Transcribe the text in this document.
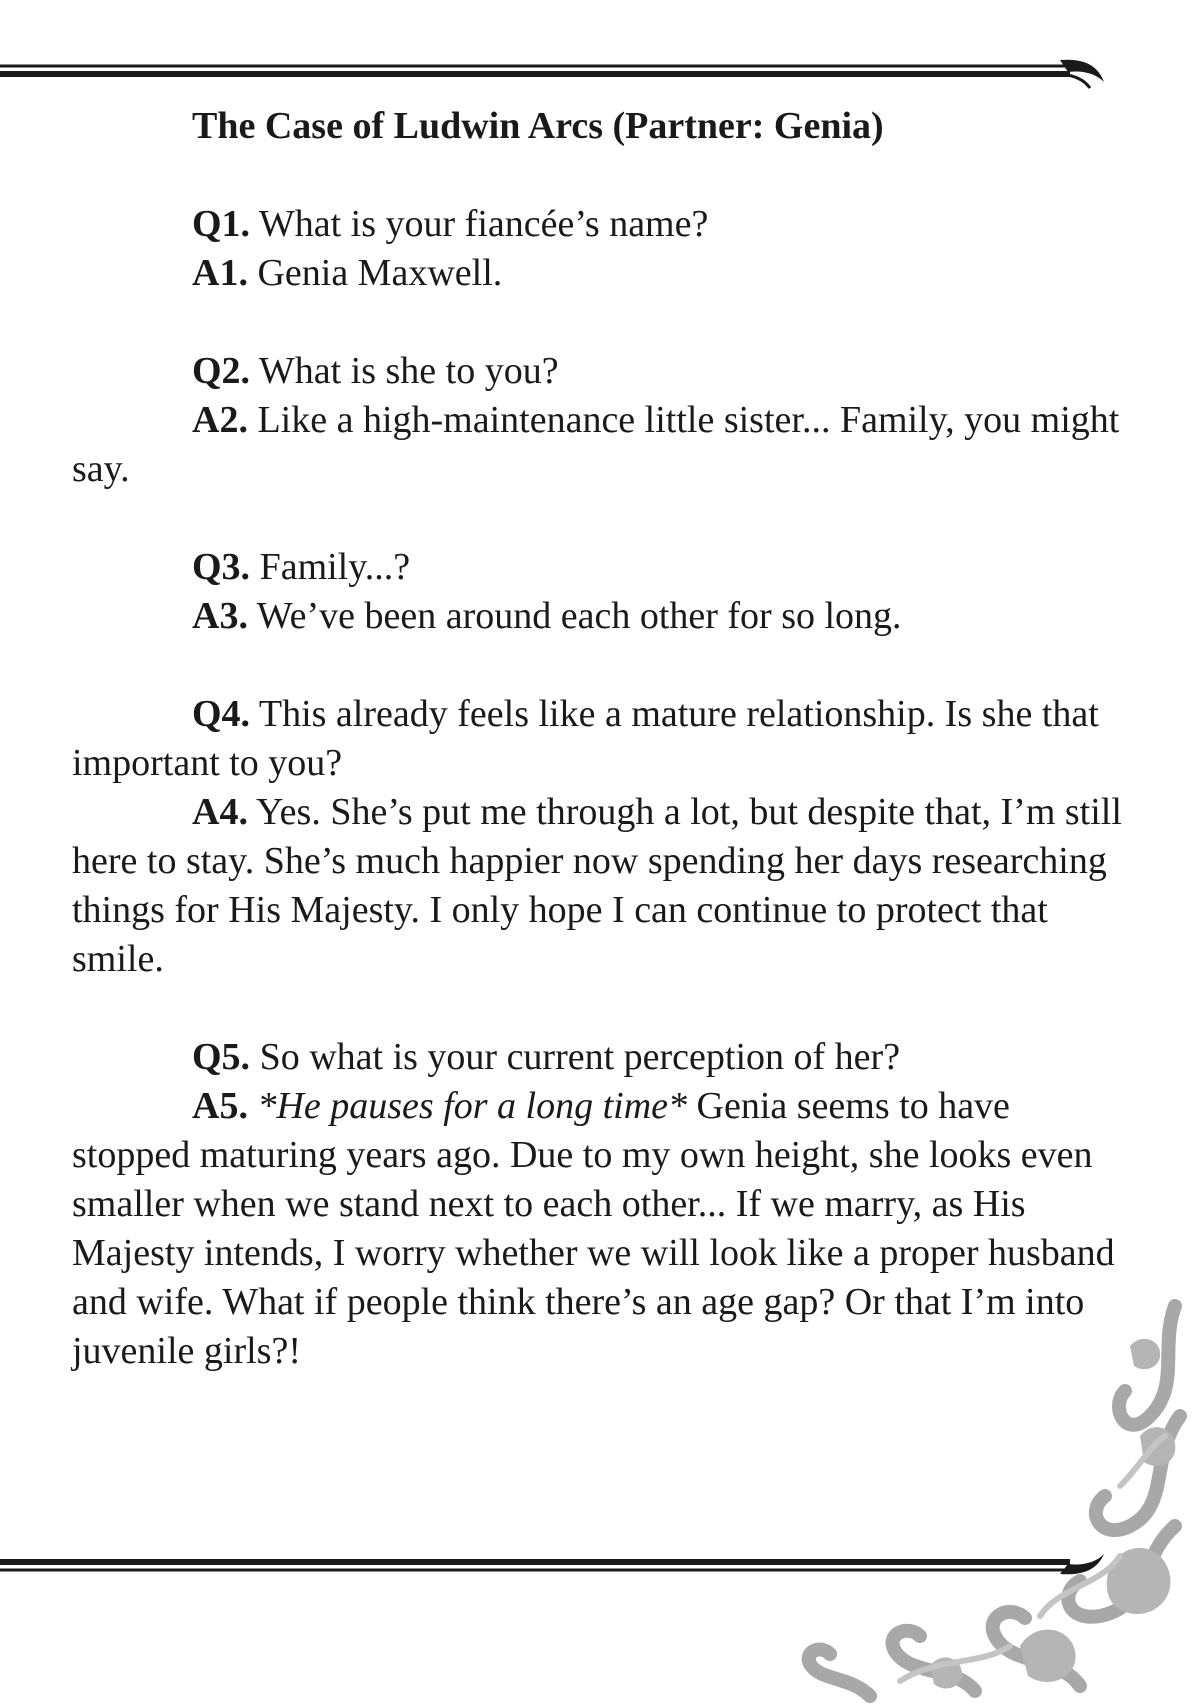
The Case of Ludwin Arcs (Partner: Genia)

Q1. What is your fiancée’s name?

A1. Genia Maxwell.

Q2. What is she to you?

A2. Like a high-maintenance little sister... Family, you might say.

Q3. Family...?

A3. We’ve been around each other for so long.

Q4. This already feels like a mature relationship. Is she that important to you?

A4. Yes. She’s put me through a lot, but despite that, I’m still here to stay. She’s much happier now spending her days researching things for His Majesty. I only hope I can continue to protect that smile.

Q5. So what is your current perception of her?

A5. *He pauses for a long time* Genia seems to have stopped maturing years ago. Due to my own height, she looks even smaller when we stand next to each other... If we marry, as His Majesty intends, I worry whether we will look like a proper husband and wife. What if people think there’s an age gap? Or that I’m into juvenile girls?!
